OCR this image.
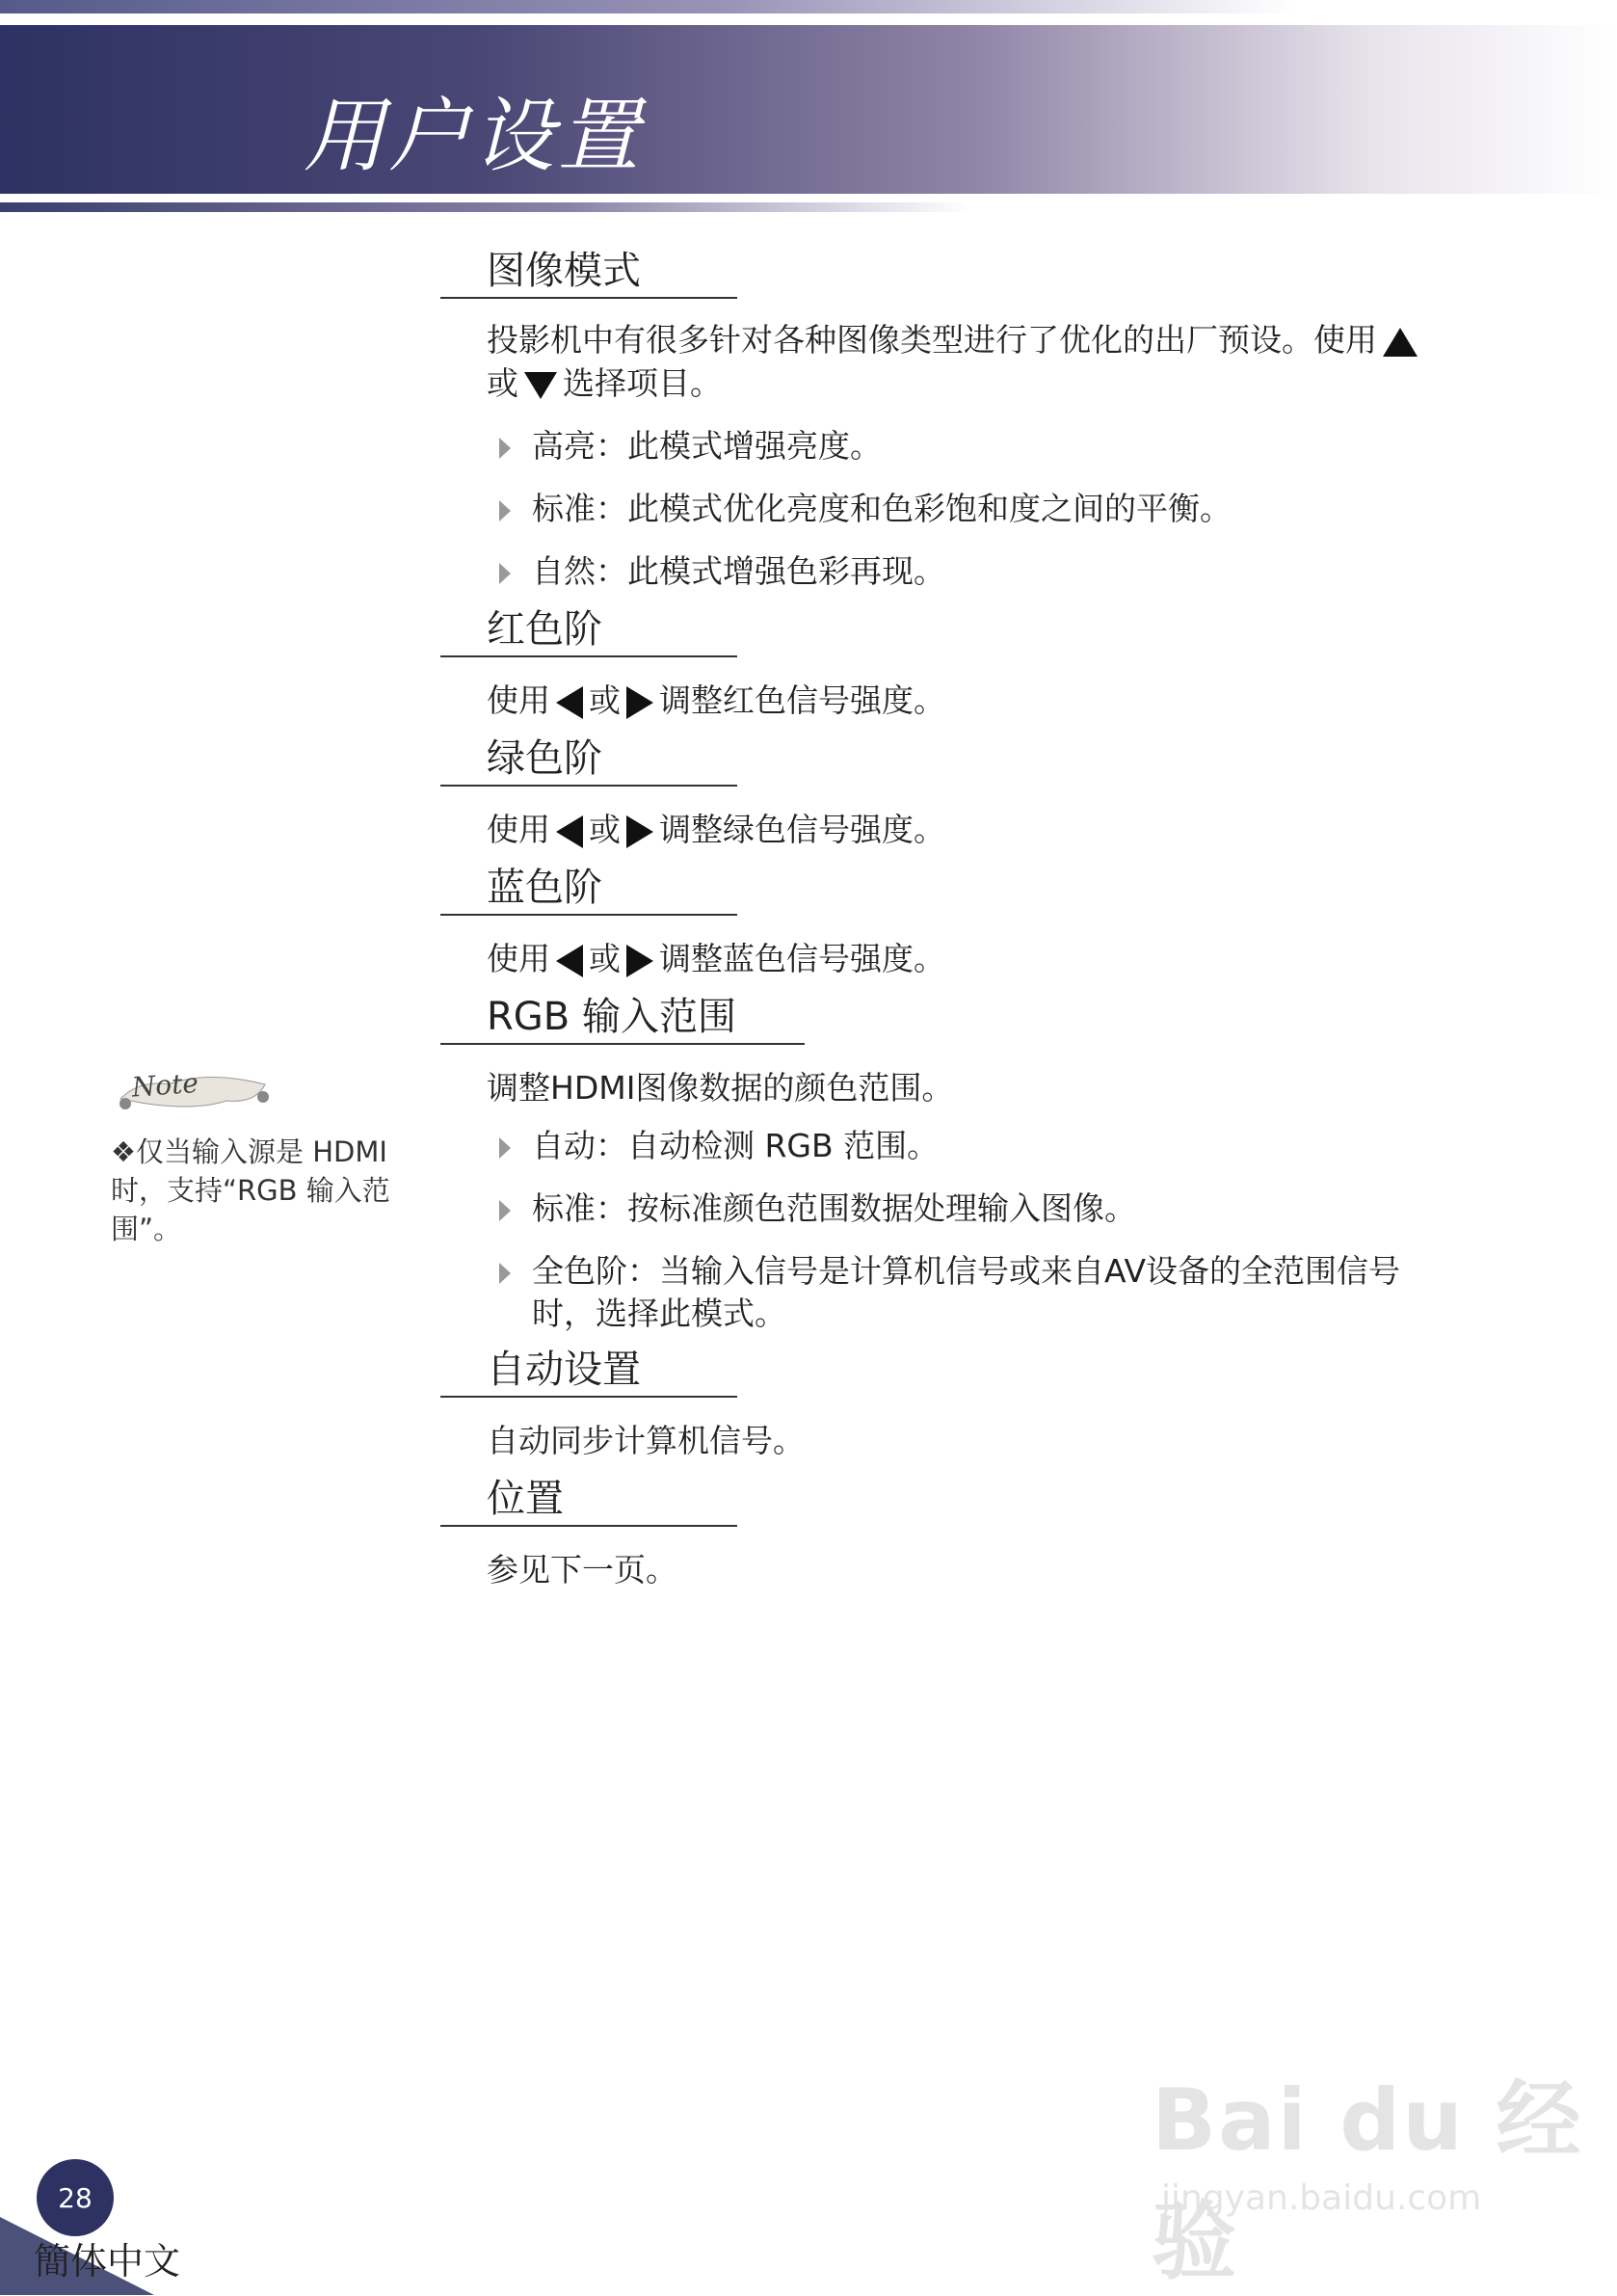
用户设置
图像模式
投影机中有很多针对各种图像类型进行了优化的出厂预设。使用
或 选择项目。
高亮：此模式增强亮度。
标准：此模式优化亮度和色彩饱和度之间的平衡。
自然：此模式增强色彩再现。
红色阶
使用 或 调整红色信号强度。
绿色阶
使用 或 调整绿色信号强度。
蓝色阶
使用 或 调整蓝色信号强度。
RGB 输入范围
调整HDMI图像数据的颜色范围。
自动：自动检测 RGB 范围。
标准：按标准颜色范围数据处理输入图像。
全色阶：当输入信号是计算机信号或来自AV设备的全范围信号
时，选择此模式。
自动设置
自动同步计算机信号。
位置
参见下一页。
Note
❖仅当输入源是 HDMI
时，支持“RGB 输入范
围”。
28
簡体中文
Bai du 经验
jingyan.baidu.com
